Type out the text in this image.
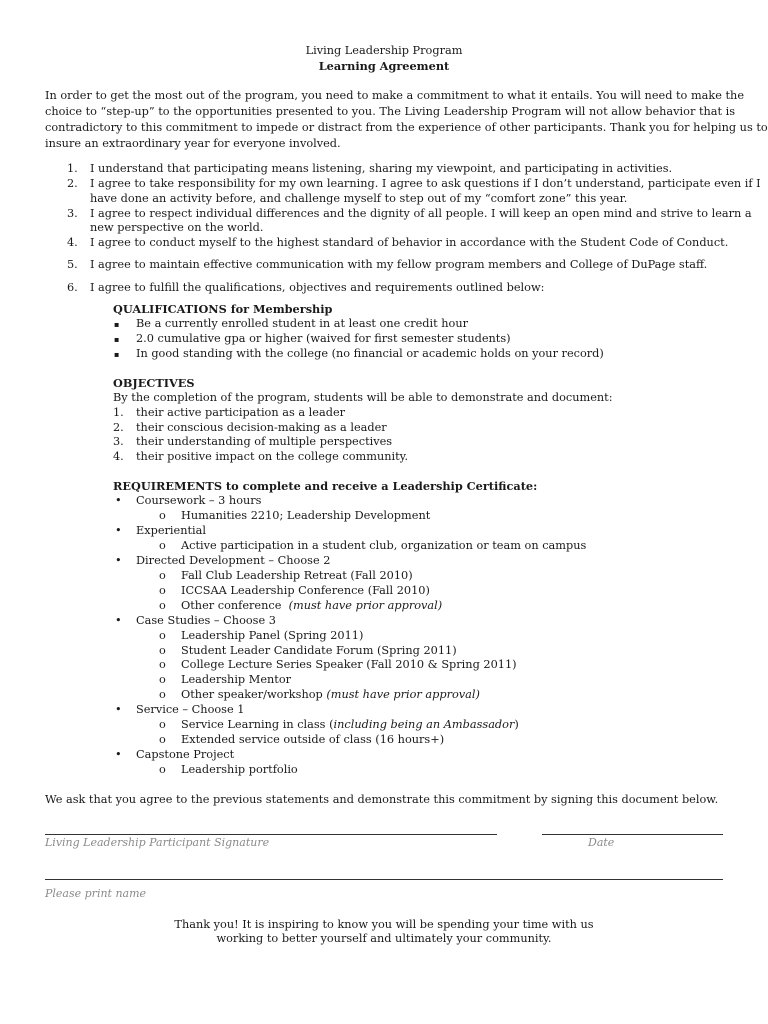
Living Leadership Program
Learning Agreement
In order to get the most out of the program, you need to make a commitment to what it entails. You will need to make the
choice to “step-up” to the opportunities presented to you. The Living Leadership Program will not allow behavior that is
contradictory to this commitment to impede or distract from the experience of other participants. Thank you for helping us to
insure an extraordinary year for everyone involved.
1.	I understand that participating means listening, sharing my viewpoint, and participating in activities.
2.	I agree to take responsibility for my own learning. I agree to ask questions if I don’t understand, participate even if I
have done an activity before, and challenge myself to step out of my “comfort zone” this year.
3.	I agree to respect individual differences and the dignity of all people. I will keep an open mind and strive to learn a
new perspective on the world.
4.	I agree to conduct myself to the highest standard of behavior in accordance with the Student Code of Conduct.
5.	I agree to maintain effective communication with my fellow program members and College of DuPage staff.
6.	I agree to fulfill the qualifications, objectives and requirements outlined below:
QUALIFICATIONS for Membership
▪ Be a currently enrolled student in at least one credit hour
▪ 2.0 cumulative gpa or higher (waived for first semester students)
▪ In good standing with the college (no financial or academic holds on your record)
OBJECTIVES
By the completion of the program, students will be able to demonstrate and document:
1. their active participation as a leader
2. their conscious decision-making as a leader
3. their understanding of multiple perspectives
4. their positive impact on the college community.
REQUIREMENTS to complete and receive a Leadership Certificate:
• Coursework – 3 hours
o Humanities 2210; Leadership Development
• Experiential
o Active participation in a student club, organization or team on campus
• Directed Development – Choose 2
o Fall Club Leadership Retreat (Fall 2010)
o ICCSAA Leadership Conference (Fall 2010)
o Other conference  (must have prior approval)
• Case Studies – Choose 3
o Leadership Panel (Spring 2011)
o Student Leader Candidate Forum (Spring 2011)
o College Lecture Series Speaker (Fall 2010 & Spring 2011)
o Leadership Mentor
o Other speaker/workshop (must have prior approval)
• Service – Choose 1
o Service Learning in class (including being an Ambassador)
o Extended service outside of class (16 hours+)
• Capstone Project
o Leadership portfolio
We ask that you agree to the previous statements and demonstrate this commitment by signing this document below.
Living Leadership Participant Signature	Date
Please print name
Thank you! It is inspiring to know you will be spending your time with us
working to better yourself and ultimately your community.
